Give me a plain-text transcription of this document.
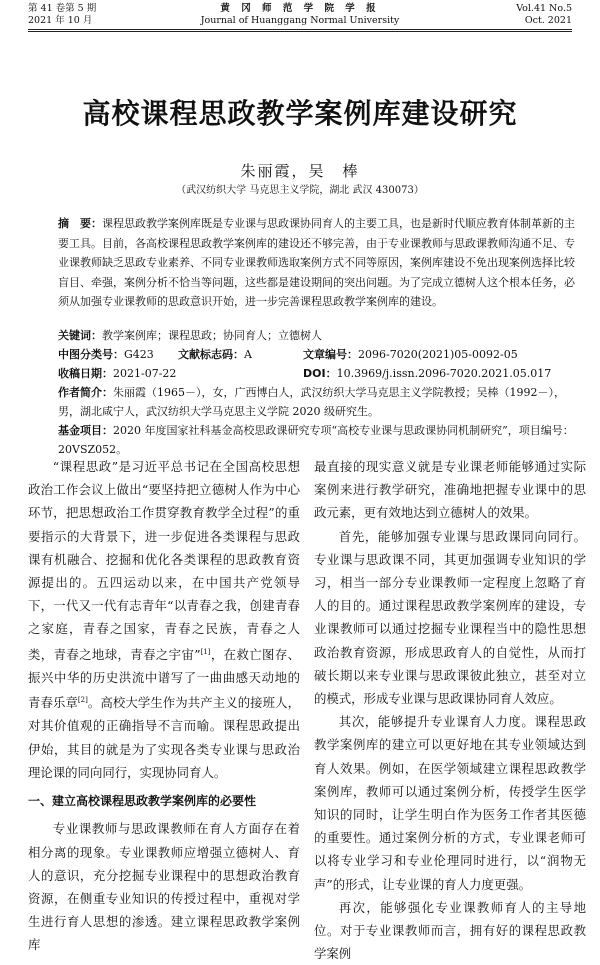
第 41 卷第 5 期
2021 年 10 月
黄 冈 师 范 学 院 学 报
Journal of Huanggang Normal University
Vol.41 No.5
Oct. 2021
高校课程思政教学案例库建设研究
朱丽霞，吴　棒
（武汉纺织大学 马克思主义学院，湖北 武汉 430073）

摘　要：课程思政教学案例库既是专业课与思政课协同育人的主要工具，也是新时代顺应教育体制革新的主要工具。目前，各高校课程思政教学案例库的建设还不够完善，由于专业课教师与思政课教师沟通不足、专业课教师缺乏思政专业素养、不同专业课教师选取案例方式不同等原因，案例库建设不免出现案例选择比较盲目、牵强，案例分析不恰当等问题，这些都是建设期间的突出问题。为了完成立德树人这个根本任务，必须从加强专业课教师的思政意识开始，进一步完善课程思政教学案例库的建设。

关键词：教学案例库；课程思政；协同育人；立德树人
中图分类号：G423 文献标志码：A	文章编号：2096-7020(2021)05-0092-05
收稿日期：2021-07-22	DOI：10.3969/j.issn.2096-7020.2021.05.017
作者简介：朱丽霞（1965－），女，广西博白人，武汉纺织大学马克思主义学院教授；吴棒（1992－），男，湖北咸宁人，武汉纺织大学马克思主义学院 2020 级研究生。
基金项目：2020 年度国家社科基金高校思政课研究专项“高校专业课与思政课协同机制研究”，项目编号：20VSZ052。

“课程思政”是习近平总书记在全国高校思想政治工作会议上做出“要坚持把立德树人作为中心环节，把思想政治工作贯穿教育教学全过程”的重要指示的大背景下，进一步促进各类课程与思政课有机融合、挖掘和优化各类课程的思政教育资源提出的。五四运动以来，在中国共产党领导下，一代又一代有志青年“以青春之我，创建青春之家庭，青春之国家，青春之民族，青春之人类，青春之地球，青春之宇宙”[1]，在救亡图存、振兴中华的历史洪流中谱写了一曲曲感天动地的青春乐章[2]。高校大学生作为共产主义的接班人，对其价值观的正确指导不言而喻。课程思政提出伊始，其目的就是为了实现各类专业课与思政治理论课的同向同行，实现协同育人。

一、建立高校课程思政教学案例库的必要性

专业课教师与思政课教师在育人方面存在着相分离的现象。专业课教师应增强立德树人、育人的意识，充分挖掘专业课程中的思想政治教育资源，在侧重专业知识的传授过程中，重视对学生进行育人思想的渗透。建立课程思政教学案例库

最直接的现实意义就是专业课老师能够通过实际案例来进行教学研究，准确地把握专业课中的思政元素，更有效地达到立德树人的效果。

首先，能够加强专业课与思政课同向同行。专业课与思政课不同，其更加强调专业知识的学习，相当一部分专业课教师一定程度上忽略了育人的目的。通过课程思政教学案例库的建设，专业课教师可以通过挖掘专业课程当中的隐性思想政治教育资源，形成思政育人的自觉性，从而打破长期以来专业课与思政课彼此独立，甚至对立的模式，形成专业课与思政课协同育人效应。

其次，能够提升专业课育人力度。课程思政教学案例库的建立可以更好地在其专业领域达到育人效果。例如，在医学领域建立课程思政教学案例库，教师可以通过案例分析，传授学生医学知识的同时，让学生明白作为医务工作者其医德的重要性。通过案例分析的方式，专业课老师可以将专业学习和专业伦理同时进行，以“润物无声”的形式，让专业课的育人力度更强。

再次，能够强化专业课教师育人的主导地位。对于专业课教师而言，拥有好的课程思政教学案例
